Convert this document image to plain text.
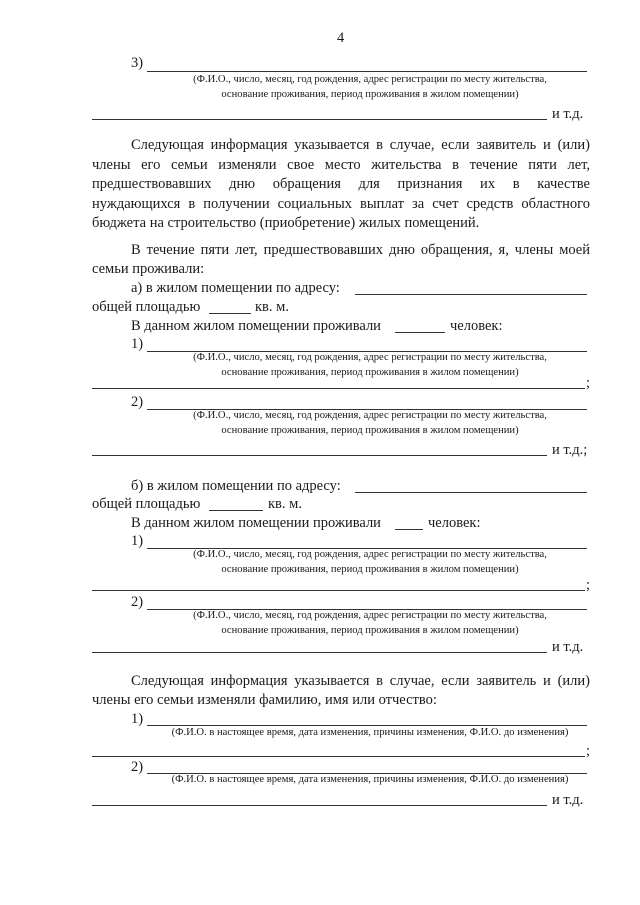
4
3)
(Ф.И.О., число, месяц, год рождения, адрес регистрации по месту жительства,
основание проживания, период проживания в жилом помещении)
и т.д.
Следующая информация указывается в случае, если заявитель и (или)
члены его семьи изменяли свое место жительства в течение пяти лет,
предшествовавших дню обращения для признания их в качестве
нуждающихся в получении социальных выплат за счет средств областного
бюджета на строительство (приобретение) жилых помещений.
В течение пяти лет, предшествовавших дню обращения, я, члены моей
семьи проживали:
а) в жилом помещении по адресу:
общей площадью	кв. м.
В данном жилом помещении проживали	человек:
1)
(Ф.И.О., число, месяц, год рождения, адрес регистрации по месту жительства,
основание проживания, период проживания в жилом помещении)
;
2)
(Ф.И.О., число, месяц, год рождения, адрес регистрации по месту жительства,
основание проживания, период проживания в жилом помещении)
и т.д.;
б) в жилом помещении по адресу:
общей площадью	кв. м.
В данном жилом помещении проживали	человек:
1)
(Ф.И.О., число, месяц, год рождения, адрес регистрации по месту жительства,
основание проживания, период проживания в жилом помещении)
;
2)
(Ф.И.О., число, месяц, год рождения, адрес регистрации по месту жительства,
основание проживания, период проживания в жилом помещении)
и т.д.
Следующая информация указывается в случае, если заявитель и (или)
члены его семьи изменяли фамилию, имя или отчество:
1)
(Ф.И.О. в настоящее время, дата изменения, причины изменения, Ф.И.О. до изменения)
;
2)
(Ф.И.О. в настоящее время, дата изменения, причины изменения, Ф.И.О. до изменения)
и т.д.
